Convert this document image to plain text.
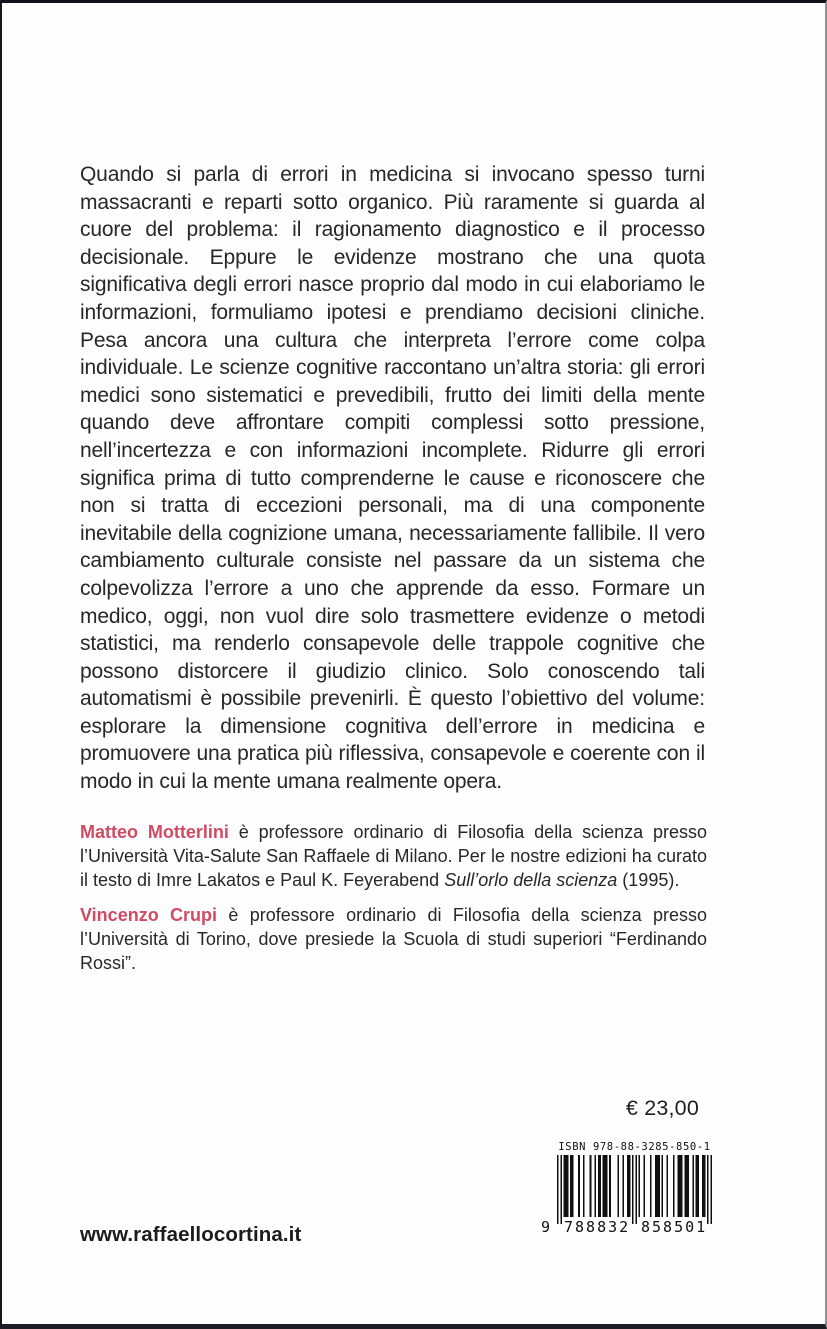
Quando si parla di errori in medicina si invocano spesso turni massacranti e reparti sotto organico. Più raramente si guarda al cuore del problema: il ragionamento diagnostico e il processo decisionale. Eppure le evidenze mostrano che una quota significativa degli errori nasce proprio dal modo in cui elaboriamo le informazioni, formuliamo ipotesi e prendiamo decisioni cliniche. Pesa ancora una cultura che interpreta l’errore come colpa individuale. Le scienze cognitive raccontano un’altra storia: gli errori medici sono sistematici e prevedibili, frutto dei limiti della mente quando deve affrontare compiti complessi sotto pressione, nell’incertezza e con informazioni incomplete. Ridurre gli errori significa prima di tutto comprenderne le cause e riconoscere che non si tratta di eccezioni personali, ma di una componente inevitabile della cognizione umana, necessariamente fallibile. Il vero cambiamento culturale consiste nel passare da un sistema che colpevolizza l’errore a uno che apprende da esso. Formare un medico, oggi, non vuol dire solo trasmettere evidenze o metodi statistici, ma renderlo consapevole delle trappole cognitive che possono distorcere il giudizio clinico. Solo conoscendo tali automatismi è possibile prevenirli. È questo l’obiettivo del volume: esplorare la dimensione cognitiva dell’errore in medicina e promuovere una pratica più riflessiva, consapevole e coerente con il modo in cui la mente umana realmente opera.

Matteo Motterlini è professore ordinario di Filosofia della scienza presso l’Università Vita-Salute San Raffaele di Milano. Per le nostre edizioni ha curato il testo di Imre Lakatos e Paul K. Feyerabend Sull’orlo della scienza (1995).

Vincenzo Crupi è professore ordinario di Filosofia della scienza presso l’Università di Torino, dove presiede la Scuola di studi superiori “Ferdinando Rossi”.

€ 23,00
ISBN 978-88-3285-850-1
9 788832 858501
www.raffaellocortina.it
